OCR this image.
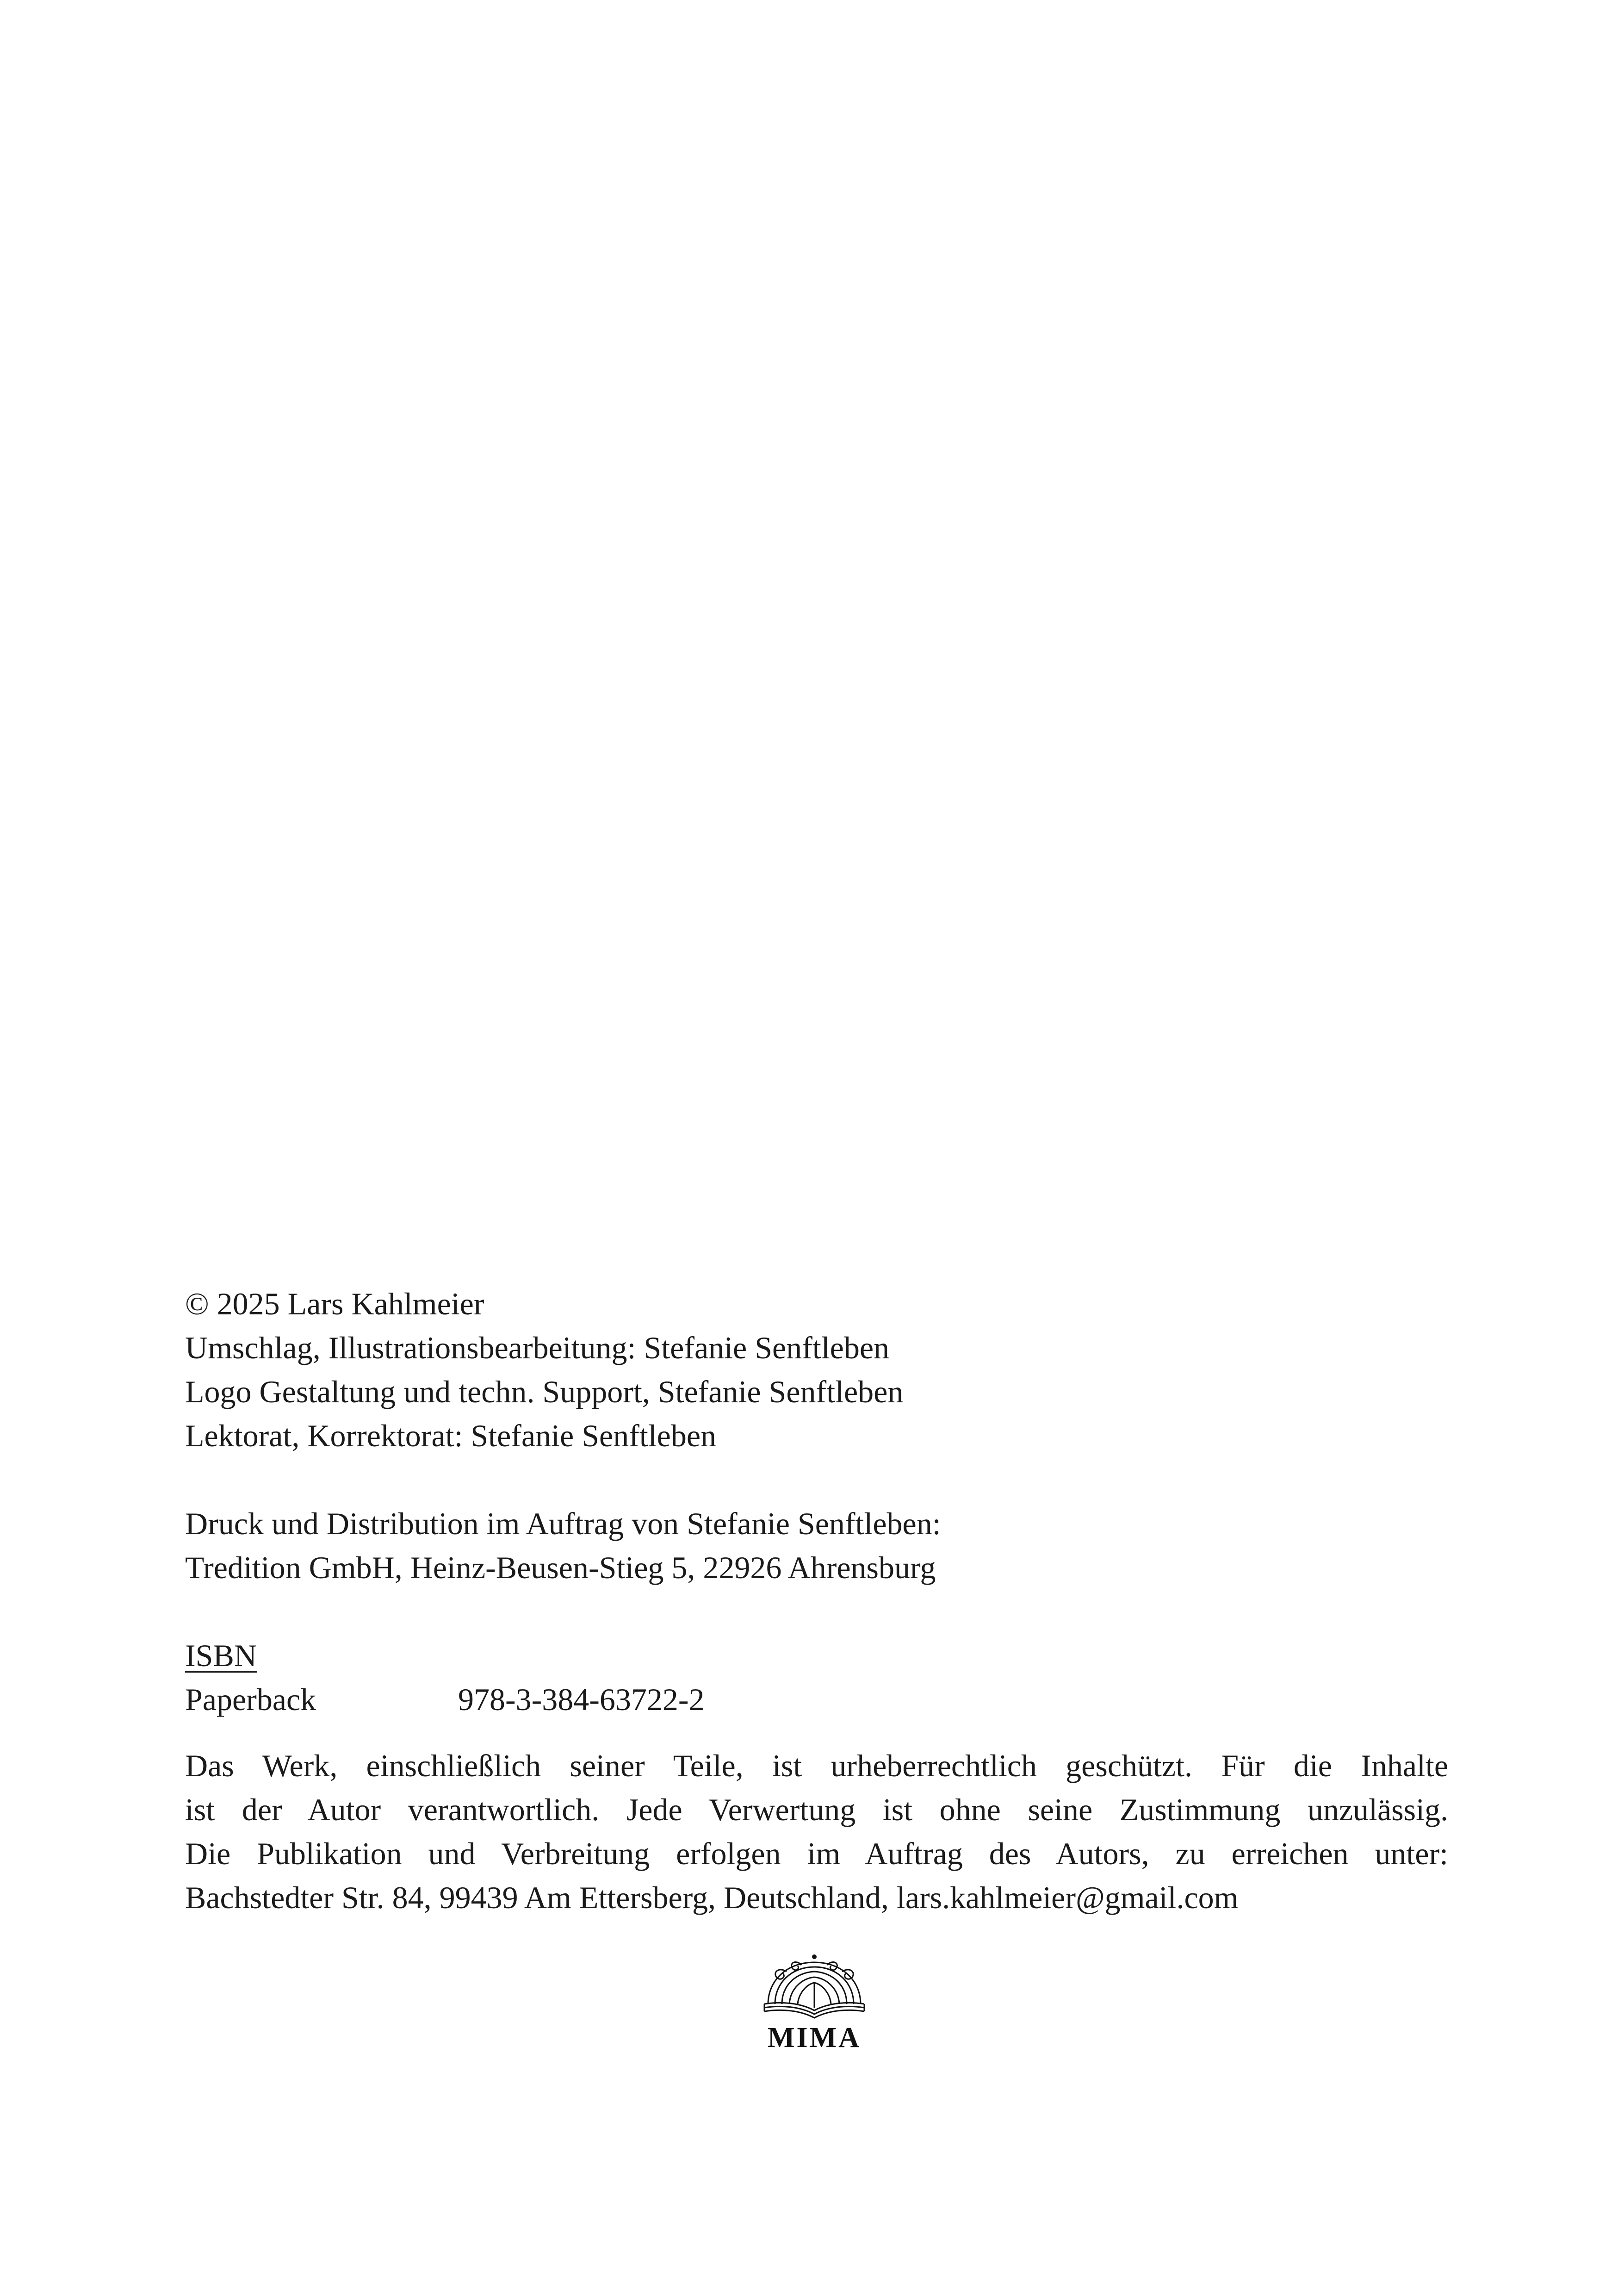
© 2025 Lars Kahlmeier

Umschlag, Illustrationsbearbeitung: Stefanie Senftleben

Logo Gestaltung und techn. Support, Stefanie Senftleben

Lektorat, Korrektorat: Stefanie Senftleben

Druck und Distribution im Auftrag von Stefanie Senftleben:

Tredition GmbH, Heinz-Beusen-Stieg 5, 22926 Ahrensburg

ISBN

Paperback	978-3-384-63722-2

Das Werk, einschließlich seiner Teile, ist urheberrechtlich geschützt. Für die Inhalte

ist der Autor verantwortlich. Jede Verwertung ist ohne seine Zustimmung unzulässig.

Die Publikation und Verbreitung erfolgen im Auftrag des Autors, zu erreichen unter:

Bachstedter Str. 84, 99439 Am Ettersberg, Deutschland, lars.kahlmeier@gmail.com

MIMA
